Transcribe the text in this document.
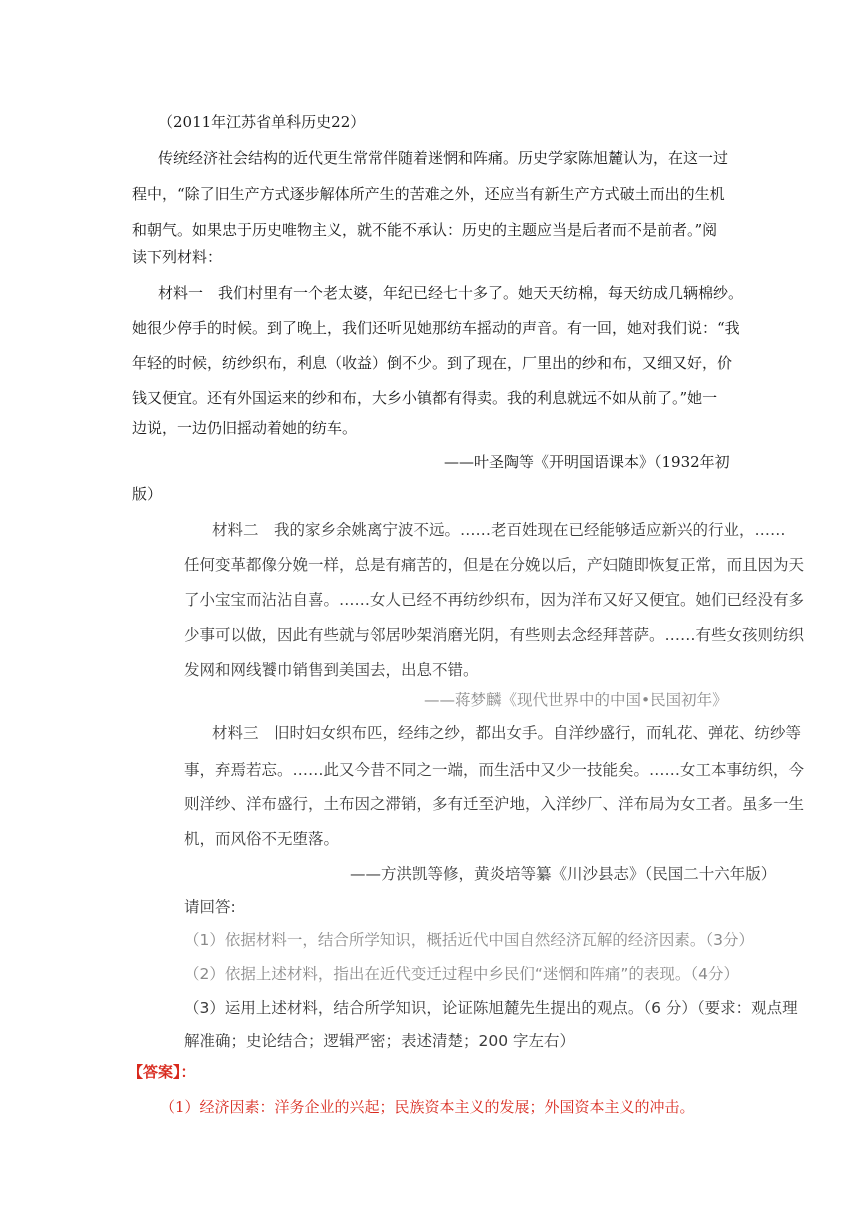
（2011年江苏省单科历史22）
传统经济社会结构的近代更生常常伴随着迷惘和阵痛。历史学家陈旭麓认为，在这一过
程中，“除了旧生产方式逐步解体所产生的苦难之外，还应当有新生产方式破土而出的生机
和朝气。如果忠于历史唯物主义，就不能不承认：历史的主题应当是后者而不是前者。”阅
读下列材料：
材料一　我们村里有一个老太婆，年纪已经七十多了。她天天纺棉，每天纺成几辆棉纱。
她很少停手的时候。到了晚上，我们还听见她那纺车摇动的声音。有一回，她对我们说：“我
年轻的时候，纺纱织布，利息（收益）倒不少。到了现在，厂里出的纱和布，又细又好，价
钱又便宜。还有外国运来的纱和布，大乡小镇都有得卖。我的利息就远不如从前了。”她一
边说，一边仍旧摇动着她的纺车。
——叶圣陶等《开明国语课本》（1932年初
版）
材料二　我的家乡余姚离宁波不远。……老百姓现在已经能够适应新兴的行业，……
任何变革都像分娩一样，总是有痛苦的，但是在分娩以后，产妇随即恢复正常，而且因为天
了小宝宝而沾沾自喜。……女人已经不再纺纱织布，因为洋布又好又便宜。她们已经没有多
少事可以做，因此有些就与邻居吵架消磨光阴，有些则去念经拜菩萨。……有些女孩则纺织
发网和网线饕巾销售到美国去，出息不错。
——蒋梦麟《现代世界中的中国•民国初年》
材料三　旧时妇女织布匹，经纬之纱，都出女手。自洋纱盛行，而轧花、弹花、纺纱等
事，弃焉若忘。……此又今昔不同之一端，而生活中又少一技能矣。……女工本事纺织，今
则洋纱、洋布盛行，土布因之滞销，多有迁至沪地，入洋纱厂、洋布局为女工者。虽多一生
机，而风俗不无堕落。
——方洪凯等修，黄炎培等纂《川沙县志》（民国二十六年版）
请回答:
（1）依据材料一，结合所学知识，概括近代中国自然经济瓦解的经济因素。（3分）
（2）依据上述材料，指出在近代变迁过程中乡民们“迷惘和阵痛”的表现。（4分）
（3）运用上述材料，结合所学知识，论证陈旭麓先生提出的观点。（6 分）（要求：观点理
解准确；史论结合；逻辑严密；表述清楚；200 字左右）
【答案】：
（1）经济因素：洋务企业的兴起；民族资本主义的发展；外国资本主义的冲击。
